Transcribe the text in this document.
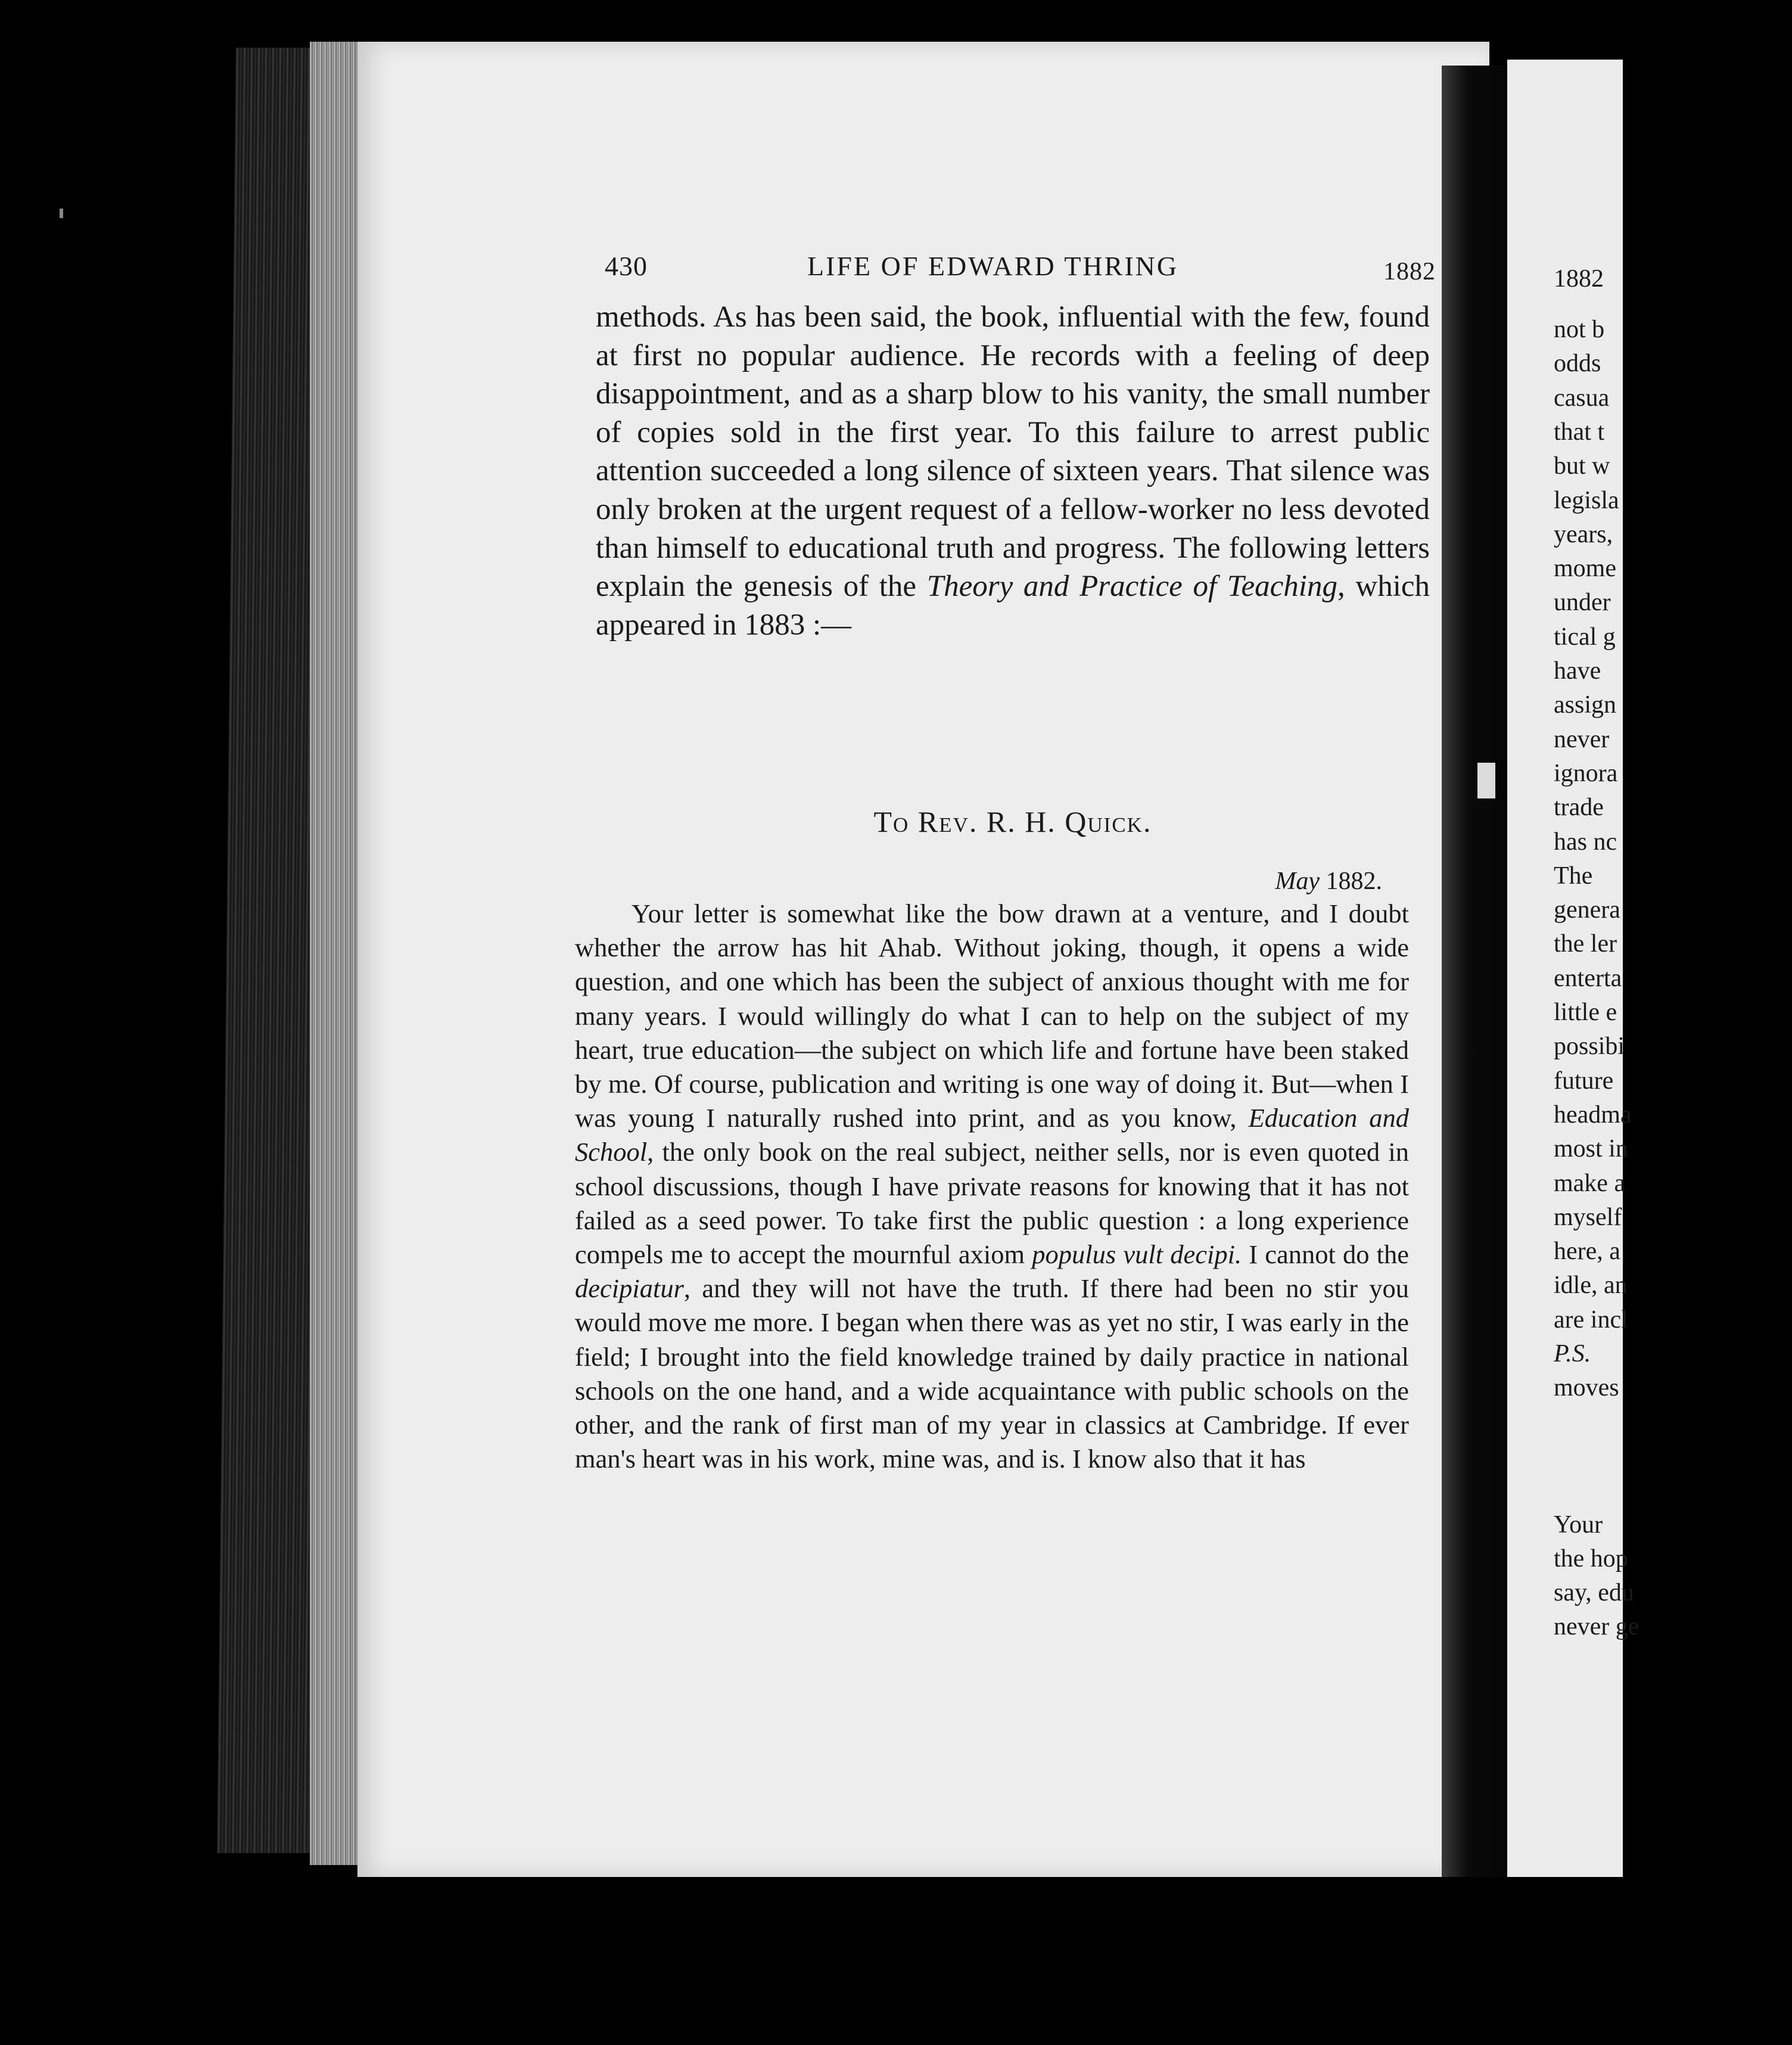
430	LIFE OF EDWARD THRING	1882
methods. As has been said, the book, influential with the few, found at first no popular audience. He records with a feeling of deep disappointment, and as a sharp blow to his vanity, the small number of copies sold in the first year. To this failure to arrest public attention succeeded a long silence of sixteen years. That silence was only broken at the urgent request of a fellow-worker no less devoted than himself to educational truth and progress. The following letters explain the genesis of the Theory and Practice of Teaching, which appeared in 1883 :—
To Rev. R. H. Quick.
May 1882.
Your letter is somewhat like the bow drawn at a venture, and I doubt whether the arrow has hit Ahab. Without joking, though, it opens a wide question, and one which has been the subject of anxious thought with me for many years. I would willingly do what I can to help on the subject of my heart, true education—the subject on which life and fortune have been staked by me. Of course, publication and writing is one way of doing it. But—when I was young I naturally rushed into print, and as you know, Education and School, the only book on the real subject, neither sells, nor is even quoted in school discussions, though I have private reasons for knowing that it has not failed as a seed power. To take first the public question : a long experience compels me to accept the mournful axiom populus vult decipi. I cannot do the decipiatur, and they will not have the truth. If there had been no stir you would move me more. I began when there was as yet no stir, I was early in the field; I brought into the field knowledge trained by daily practice in national schools on the one hand, and a wide acquaintance with public schools on the other, and the rank of first man of my year in classics at Cambridge. If ever man's heart was in his work, mine was, and is. I know also that it has
1882
not b
odds
casua
that t
but w
legisla
years,
mome
under
tical g
have
assign
never
ignora
trade
has nc
The
genera
the ler
enterta
little e
possibi
future
headma
most in
make a
myself
here, a
idle, an
are incl
P.S.
moves
Your
the hop
say, edu
never ge
